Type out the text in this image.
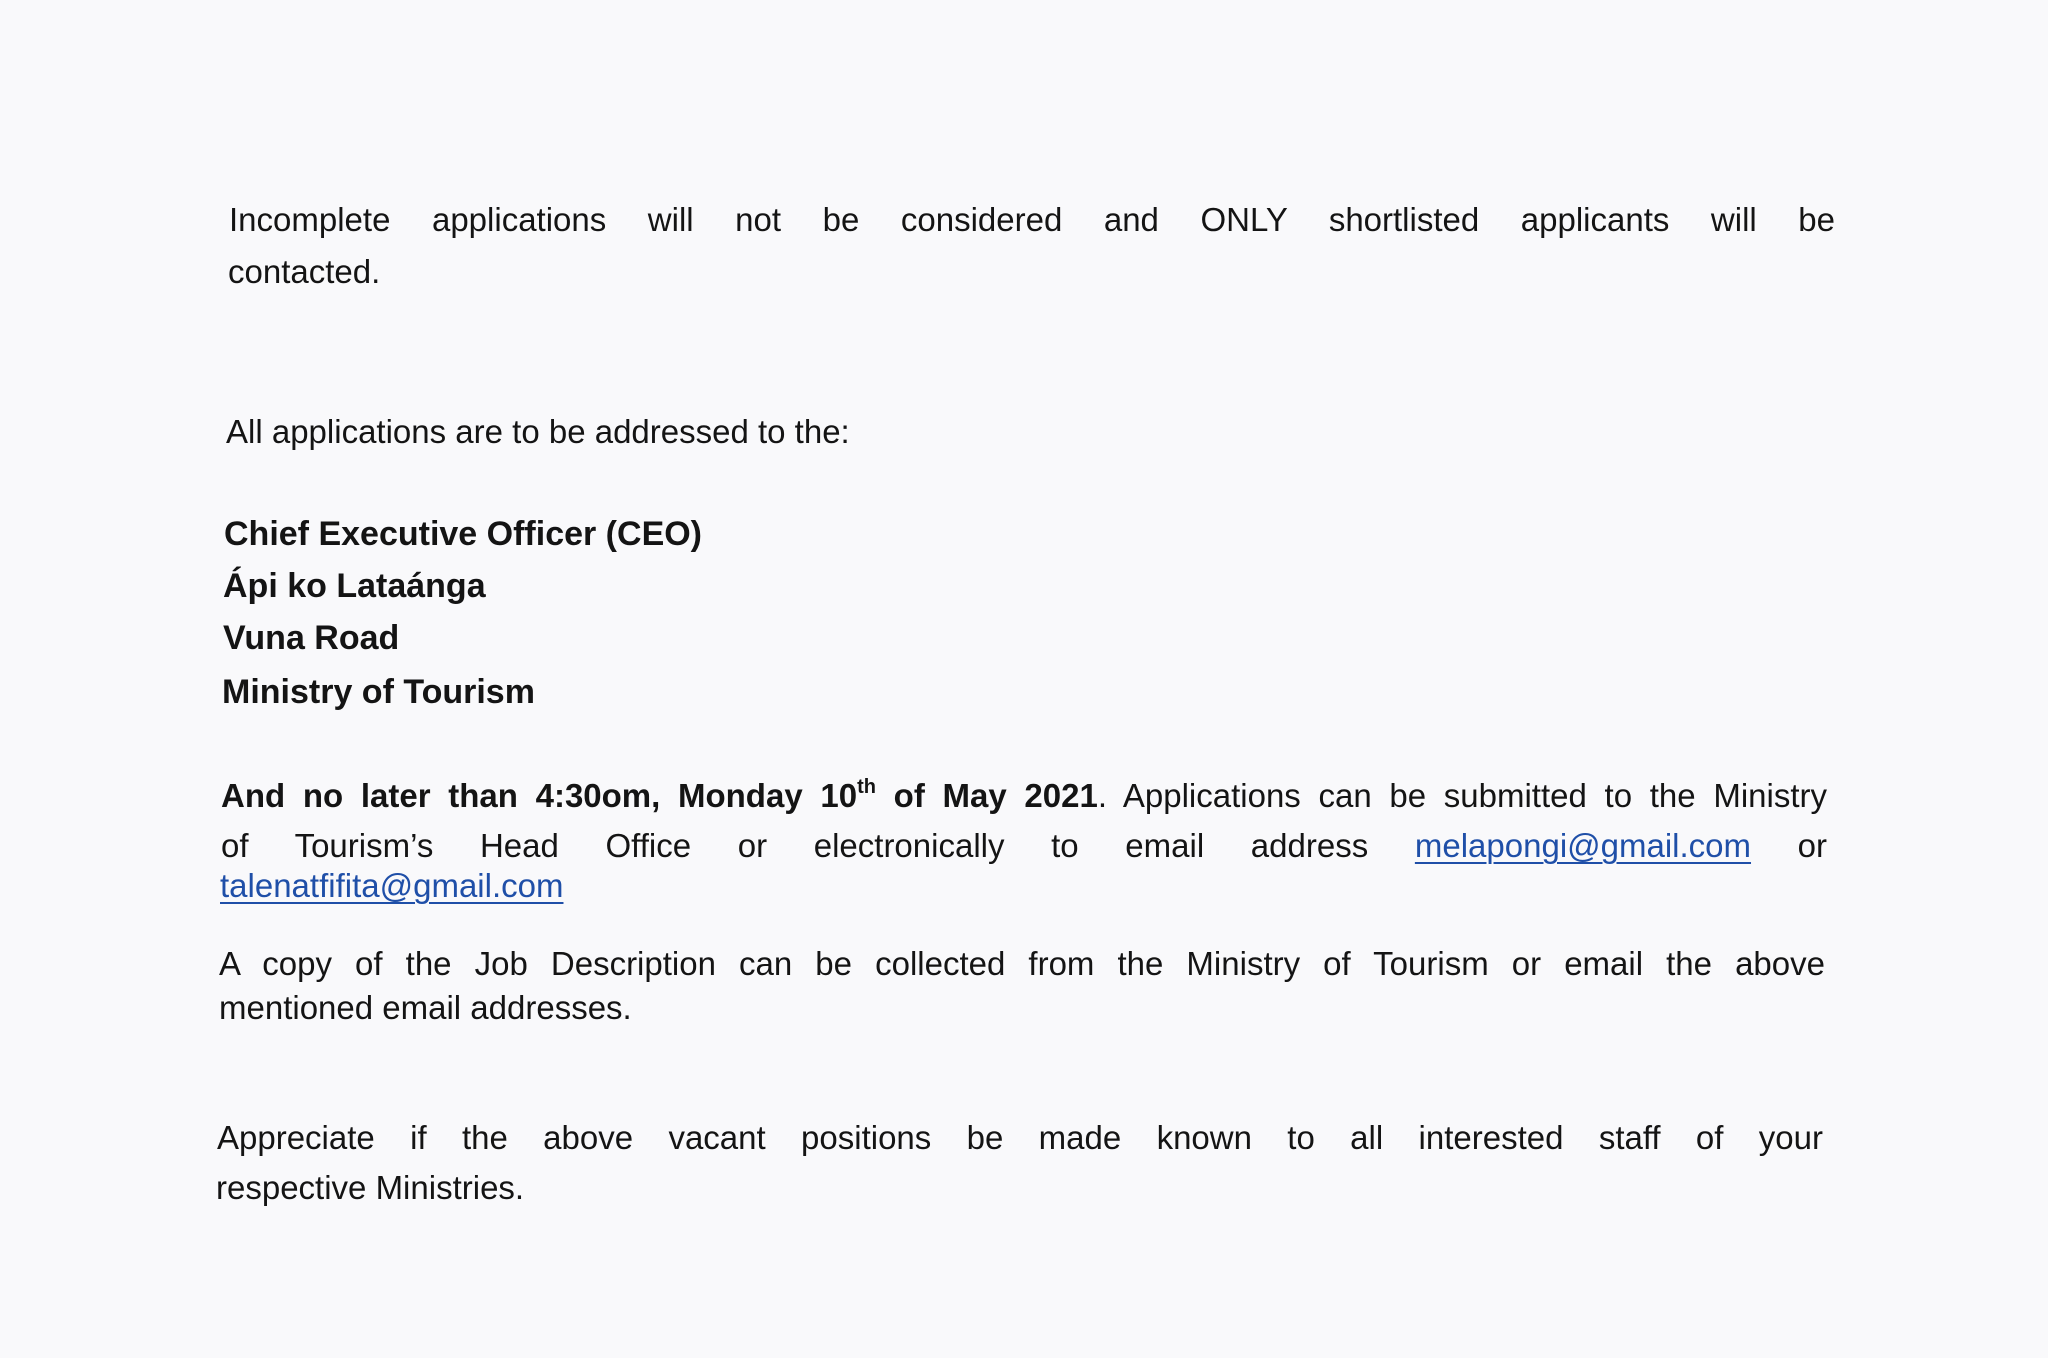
Incomplete applications will not be considered and ONLY shortlisted applicants will be
contacted.
All applications are to be addressed to the:
Chief Executive Officer (CEO)
Ápi ko Lataánga
Vuna Road
Ministry of Tourism
And no later than 4:30om, Monday 10th of May 2021. Applications can be submitted to the Ministry
of Tourism’s Head Office or electronically to email address melapongi@gmail.com or
talenatfifita@gmail.com
A copy of the Job Description can be collected from the Ministry of Tourism or email the above
mentioned email addresses.
Appreciate if the above vacant positions be made known to all interested staff of your
respective Ministries.
